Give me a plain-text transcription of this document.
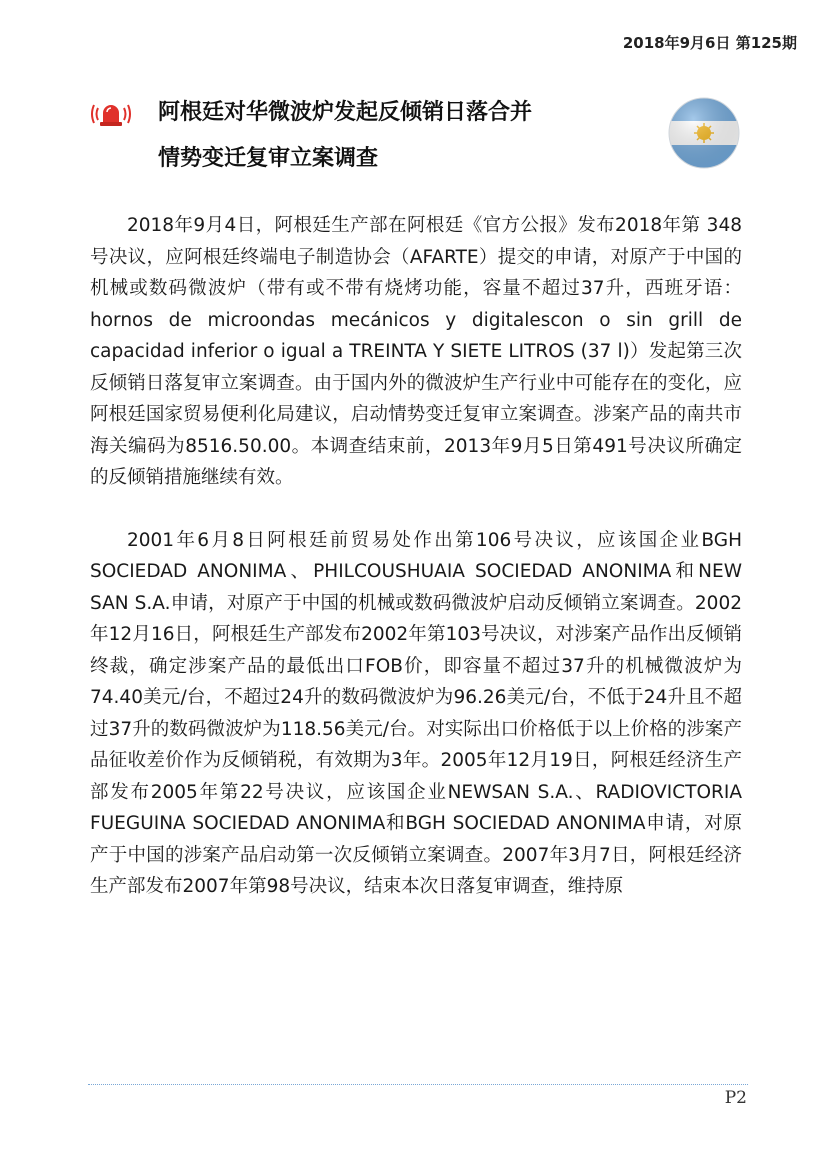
2018年9月6日 第125期
阿根廷对华微波炉发起反倾销日落合并
情势变迁复审立案调查

2018年9月4日，阿根廷生产部在阿根廷《官方公报》发布2018年第 348号决议，应阿根廷终端电子制造协会（AFARTE）提交的申请，对原产于中国的机械或数码微波炉（带有或不带有烧烤功能，容量不超过37升，西班牙语：hornos de microondas mecánicos y digitalescon o sin grill de capacidad inferior o igual a TREINTA Y SIETE LITROS (37 l)）发起第三次反倾销日落复审立案调查。由于国内外的微波炉生产行业中可能存在的变化，应阿根廷国家贸易便利化局建议，启动情势变迁复审立案调查。涉案产品的南共市海关编码为8516.50.00。本调查结束前，2013年9月5日第491号决议所确定的反倾销措施继续有效。

2001年6月8日阿根廷前贸易处作出第106号决议，应该国企业BGH SOCIEDAD ANONIMA、PHILCOUSHUAIA SOCIEDAD ANONIMA和NEW SAN S.A.申请，对原产于中国的机械或数码微波炉启动反倾销立案调查。2002年12月16日，阿根廷生产部发布2002年第103号决议，对涉案产品作出反倾销终裁，确定涉案产品的最低出口FOB价，即容量不超过37升的机械微波炉为74.40美元/台，不超过24升的数码微波炉为96.26美元/台，不低于24升且不超过37升的数码微波炉为118.56美元/台。对实际出口价格低于以上价格的涉案产品征收差价作为反倾销税，有效期为3年。2005年12月19日，阿根廷经济生产部发布2005年第22号决议，应该国企业NEWSAN S.A.、RADIOVICTORIA FUEGUINA SOCIEDAD ANONIMA和BGH SOCIEDAD ANONIMA申请，对原产于中国的涉案产品启动第一次反倾销立案调查。2007年3月7日，阿根廷经济生产部发布2007年第98号决议，结束本次日落复审调查，维持原

P2
